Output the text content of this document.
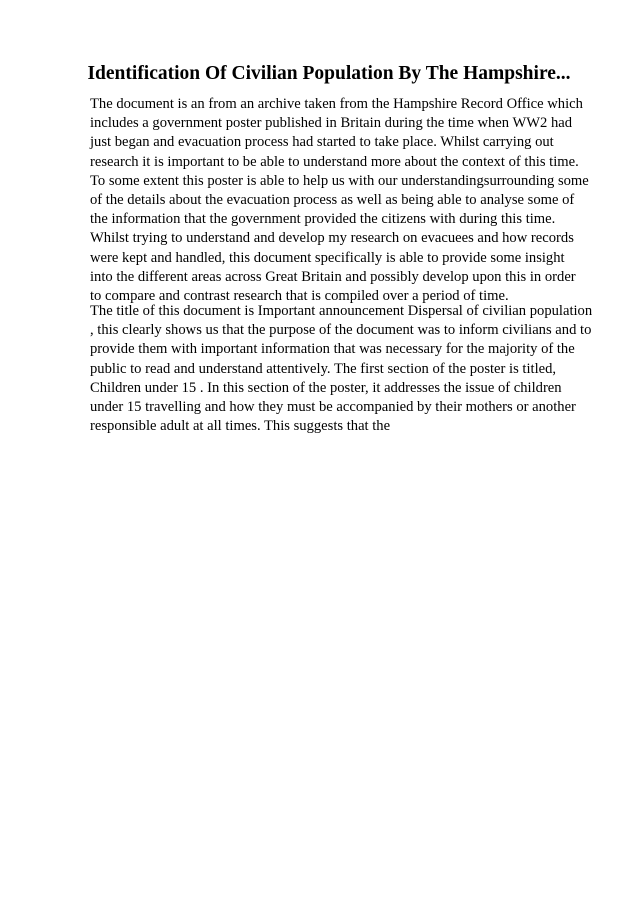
Identification Of Civilian Population By The Hampshire...

The document is an from an archive taken from the Hampshire Record Office which
includes a government poster published in Britain during the time when WW2 had
just began and evacuation process had started to take place. Whilst carrying out
research it is important to be able to understand more about the context of this time.
To some extent this poster is able to help us with our understandingsurrounding some
of the details about the evacuation process as well as being able to analyse some of
the information that the government provided the citizens with during this time.
Whilst trying to understand and develop my research on evacuees and how records
were kept and handled, this document specifically is able to provide some insight
into the different areas across Great Britain and possibly develop upon this in order
to compare and contrast research that is compiled over a period of time.

The title of this document is Important announcement Dispersal of civilian population
, this clearly shows us that the purpose of the document was to inform civilians and to
provide them with important information that was necessary for the majority of the
public to read and understand attentively. The first section of the poster is titled,
Children under 15 . In this section of the poster, it addresses the issue of children
under 15 travelling and how they must be accompanied by their mothers or another
responsible adult at all times. This suggests that the
